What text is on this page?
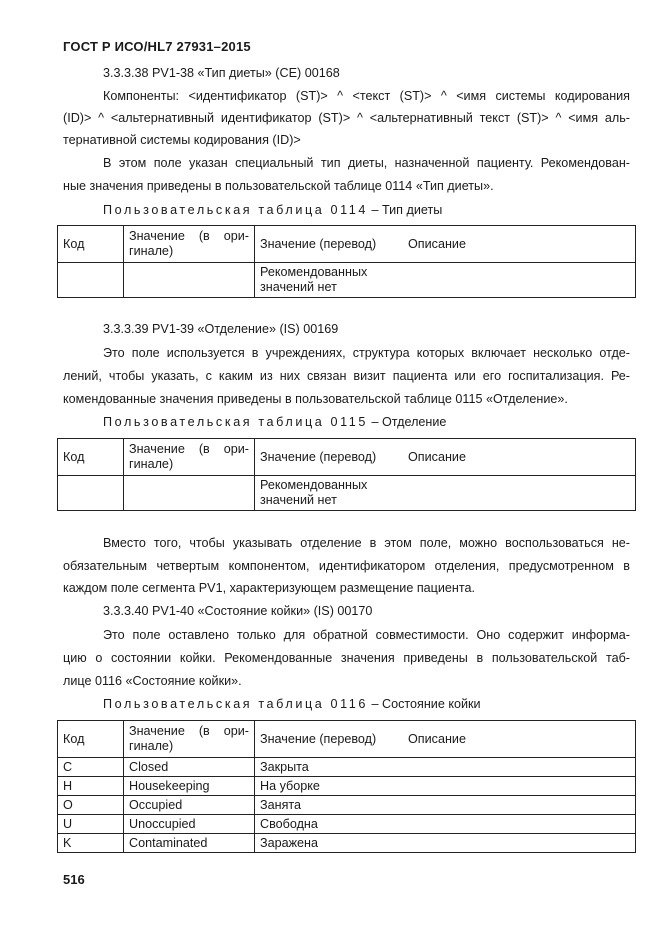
ГОСТ Р ИСО/HL7 27931–2015
3.3.3.38 PV1-38 «Тип диеты» (CE) 00168
Компоненты: <идентификатор (ST)> ^ <текст (ST)> ^ <имя системы кодирования
(ID)> ^ <альтернативный идентификатор (ST)> ^ <альтернативный текст (ST)> ^ <имя аль-
тернативной системы кодирования (ID)>
В этом поле указан специальный тип диеты, назначенной пациенту. Рекомендован-
ные значения приведены в пользовательской таблице 0114 «Тип диеты».
Пользовательская таблица 0114 – Тип диеты
Код	Значение (в ори-
гинале)	Значение (перевод)	Описание

		Рекомендованных
значений нет	

3.3.3.39 PV1-39 «Отделение» (IS) 00169
Это поле используется в учреждениях, структура которых включает несколько отде-
лений, чтобы указать, с каким из них связан визит пациента или его госпитализация. Ре-
комендованные значения приведены в пользовательской таблице 0115 «Отделение».
Пользовательская таблица 0115 – Отделение
Код	Значение (в ори-
гинале)	Значение (перевод)	Описание

		Рекомендованных
значений нет	

Вместо того, чтобы указывать отделение в этом поле, можно воспользоваться не-
обязательным четвертым компонентом, идентификатором отделения, предусмотренном в
каждом поле сегмента PV1, характеризующем размещение пациента.
3.3.3.40 PV1-40 «Состояние койки» (IS) 00170
Это поле оставлено только для обратной совместимости. Оно содержит информа-
цию о состоянии койки. Рекомендованные значения приведены в пользовательской таб-
лице 0116 «Состояние койки».
Пользовательская таблица 0116 – Состояние койки
Код	Значение (в ори-
гинале)	Значение (перевод)	Описание
C	Closed	Закрыта	
H	Housekeeping	На уборке	
O	Occupied	Занята	
U	Unoccupied	Свободна	
K	Contaminated	Заражена	
516
